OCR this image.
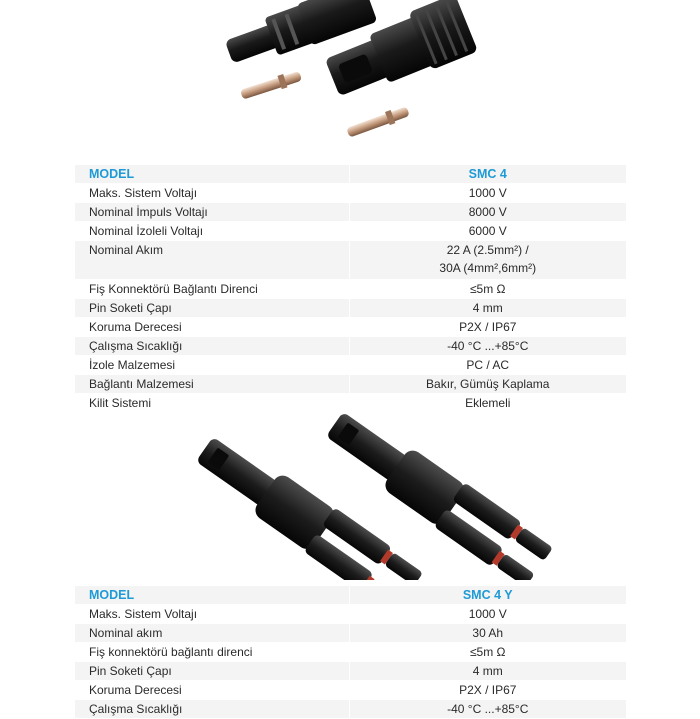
MODEL	SMC 4
Maks. Sistem Voltajı	1000 V
Nominal İmpuls Voltajı	8000 V
Nominal İzoleli Voltajı	6000 V
Nominal Akım	22 A (2.5mm²) /
30A (4mm²,6mm²)

Fiş Konnektörü Bağlantı Direnci	≤5m Ω
Pin Soketi Çapı	4 mm
Koruma Derecesi	P2X / IP67
Çalışma Sıcaklığı	-40 °C ...+85°C
İzole Malzemesi	PC / AC
Bağlantı Malzemesi	Bakır, Gümüş Kaplama
Kilit Sistemi	Eklemeli
MODEL	SMC 4 Y
Maks. Sistem Voltajı	1000 V
Nominal akım	30 Ah
Fiş konnektörü bağlantı direnci	≤5m Ω
Pin Soketi Çapı	4 mm
Koruma Derecesi	P2X / IP67
Çalışma Sıcaklığı	-40 °C ...+85°C
